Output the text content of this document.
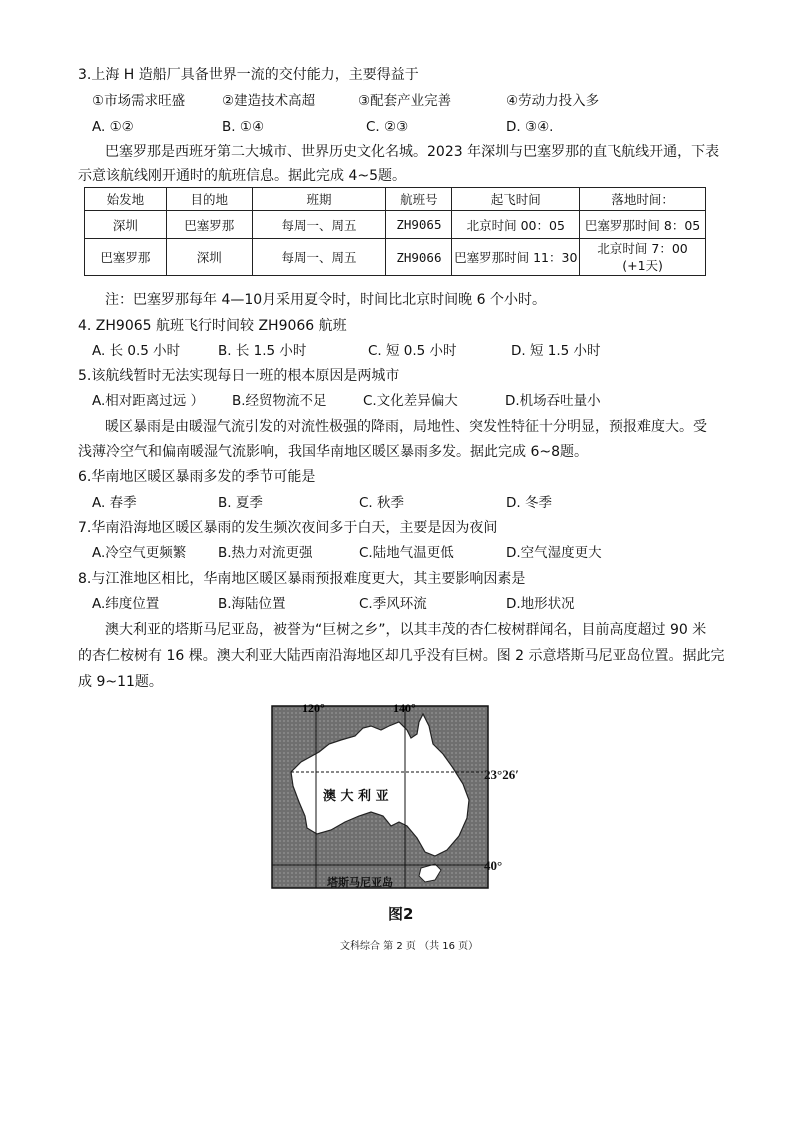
3.上海 H 造船厂具备世界一流的交付能力，主要得益于
①市场需求旺盛	②建造技术高超	③配套产业完善	④劳动力投入多
A. ①②	B. ①④	C. ②③	D. ③④.
巴塞罗那是西班牙第二大城市、世界历史文化名城。2023 年深圳与巴塞罗那的直飞航线开通，下表
示意该航线刚开通时的航班信息。据此完成 4~5题。
始发地	目的地	班期	航班号	起飞时间	落地时间：
深圳	巴塞罗那	每周一、周五	ZH9065	北京时间 00：05	巴塞罗那时间 8：05
巴塞罗那	深圳	每周一、周五	ZH9066	巴塞罗那时间 11：30	北京时间 7：00 (+1天)
注：巴塞罗那每年 4—10月采用夏令时，时间比北京时间晚 6 个小时。
4. ZH9065 航班飞行时间较 ZH9066 航班
A. 长 0.5 小时	B. 长 1.5 小时	C. 短 0.5 小时	D. 短 1.5 小时
5.该航线暂时无法实现每日一班的根本原因是两城市
A.相对距离过远 ） B.经贸物流不足	C.文化差异偏大	D.机场吞吐量小
暖区暴雨是由暖湿气流引发的对流性极强的降雨，局地性、突发性特征十分明显，预报难度大。受
浅薄冷空气和偏南暖湿气流影响，我国华南地区暖区暴雨多发。据此完成 6~8题。
6.华南地区暖区暴雨多发的季节可能是
A. 春季	B. 夏季	C. 秋季	D. 冬季
7.华南沿海地区暖区暴雨的发生频次夜间多于白天，主要是因为夜间
A.冷空气更频繁 B.热力对流更强	C.陆地气温更低	D.空气湿度更大
8.与江淮地区相比，华南地区暖区暴雨预报难度更大，其主要影响因素是
A.纬度位置	B.海陆位置	C.季风环流	D.地形状况
澳大利亚的塔斯马尼亚岛，被誉为“巨树之乡”，以其丰茂的杏仁桉树群闻名，目前高度超过 90 米
的杏仁桉树有 16 棵。澳大利亚大陆西南沿海地区却几乎没有巨树。图 2 示意塔斯马尼亚岛位置。据此完
成 9~11题。
120°	140°
澳 大 利 亚
塔斯马尼亚岛
23°26′
40°
图2
文科综合 第 2 页 （共 16 页）
